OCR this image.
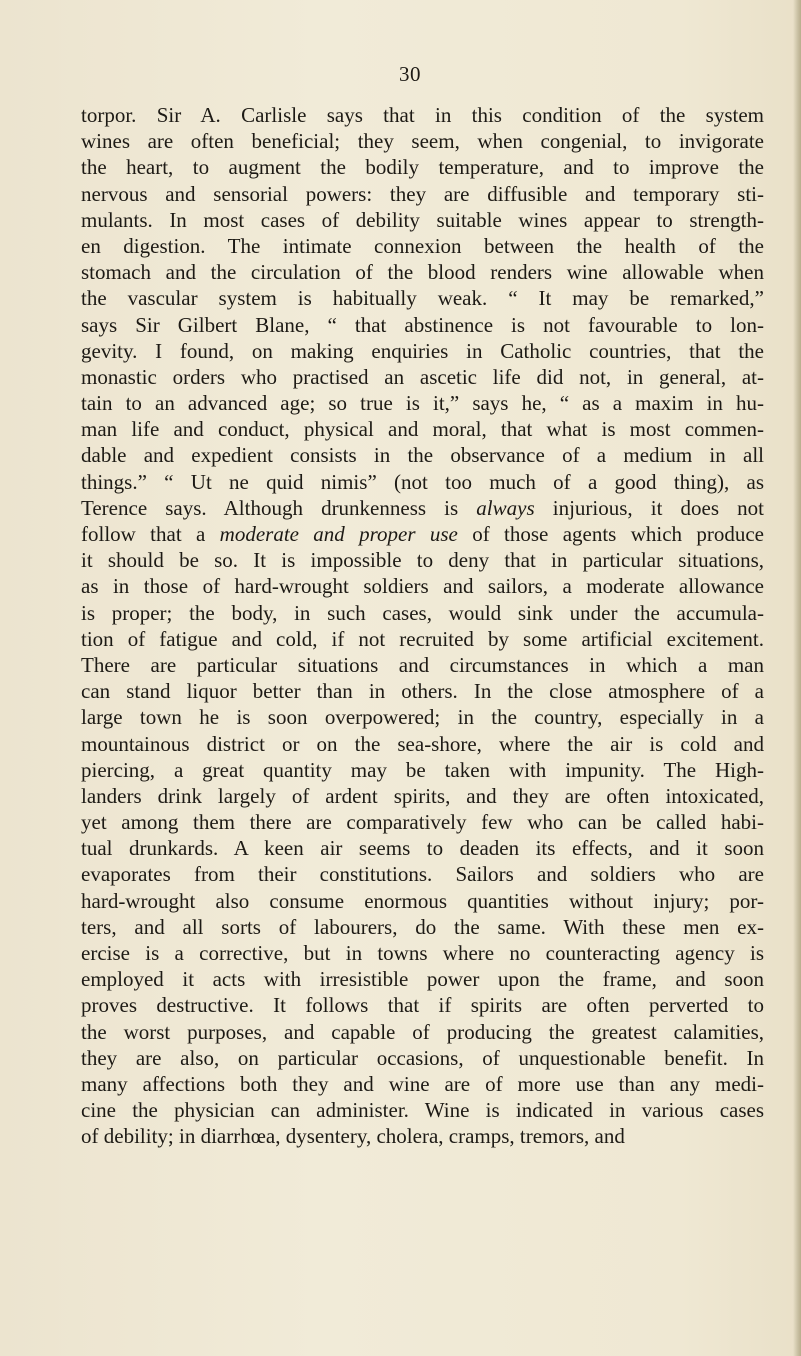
30
torpor. Sir A. Carlisle says that in this condition of the system
wines are often beneficial; they seem, when congenial, to invigorate
the heart, to augment the bodily temperature, and to improve the
nervous and sensorial powers: they are diffusible and temporary sti-
mulants. In most cases of debility suitable wines appear to strength-
en digestion. The intimate connexion between the health of the
stomach and the circulation of the blood renders wine allowable when
the vascular system is habitually weak. “ It may be remarked,”
says Sir Gilbert Blane, “ that abstinence is not favourable to lon-
gevity. I found, on making enquiries in Catholic countries, that the
monastic orders who practised an ascetic life did not, in general, at-
tain to an advanced age; so true is it,” says he, “ as a maxim in hu-
man life and conduct, physical and moral, that what is most commen-
dable and expedient consists in the observance of a medium in all
things.” “ Ut ne quid nimis” (not too much of a good thing), as
Terence says. Although drunkenness is always injurious, it does not
follow that a moderate and proper use of those agents which produce
it should be so. It is impossible to deny that in particular situations,
as in those of hard-wrought soldiers and sailors, a moderate allowance
is proper; the body, in such cases, would sink under the accumula-
tion of fatigue and cold, if not recruited by some artificial excitement.
There are particular situations and circumstances in which a man
can stand liquor better than in others. In the close atmosphere of a
large town he is soon overpowered; in the country, especially in a
mountainous district or on the sea-shore, where the air is cold and
piercing, a great quantity may be taken with impunity. The High-
landers drink largely of ardent spirits, and they are often intoxicated,
yet among them there are comparatively few who can be called habi-
tual drunkards. A keen air seems to deaden its effects, and it soon
evaporates from their constitutions. Sailors and soldiers who are
hard-wrought also consume enormous quantities without injury; por-
ters, and all sorts of labourers, do the same. With these men ex-
ercise is a corrective, but in towns where no counteracting agency is
employed it acts with irresistible power upon the frame, and soon
proves destructive. It follows that if spirits are often perverted to
the worst purposes, and capable of producing the greatest calamities,
they are also, on particular occasions, of unquestionable benefit. In
many affections both they and wine are of more use than any medi-
cine the physician can administer. Wine is indicated in various cases
of debility; in diarrhœa, dysentery, cholera, cramps, tremors, and
